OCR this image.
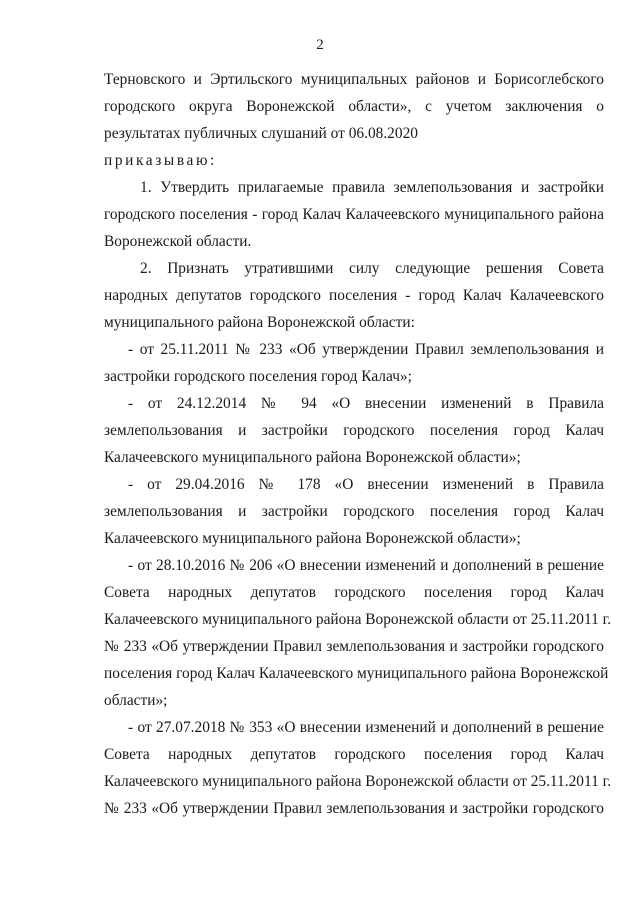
2
Терновского и Эртильского муниципальных районов и Борисоглебского
городского округа Воронежской области», с учетом заключения о
результатах публичных слушаний от 06.08.2020
приказываю:
1. Утвердить прилагаемые правила землепользования и застройки
городского поселения - город Калач Калачеевского муниципального района
Воронежской области.
2. Признать утратившими силу следующие решения Совета
народных депутатов городского поселения - город Калач Калачеевского
муниципального района Воронежской области:
- от 25.11.2011 № 233 «Об утверждении Правил землепользования и
застройки городского поселения город Калач»;
- от 24.12.2014 № 94 «О внесении изменений в Правила
землепользования и застройки городского поселения город Калач
Калачеевского муниципального района Воронежской области»;
- от 29.04.2016 № 178 «О внесении изменений в Правила
землепользования и застройки городского поселения город Калач
Калачеевского муниципального района Воронежской области»;
- от 28.10.2016 № 206 «О внесении изменений и дополнений в решение
Совета народных депутатов городского поселения город Калач
Калачеевского муниципального района Воронежской области от 25.11.2011 г.
№ 233 «Об утверждении Правил землепользования и застройки городского
поселения город Калач Калачеевского муниципального района Воронежской
области»;
- от 27.07.2018 № 353 «О внесении изменений и дополнений в решение
Совета народных депутатов городского поселения город Калач
Калачеевского муниципального района Воронежской области от 25.11.2011 г.
№ 233 «Об утверждении Правил землепользования и застройки городского
